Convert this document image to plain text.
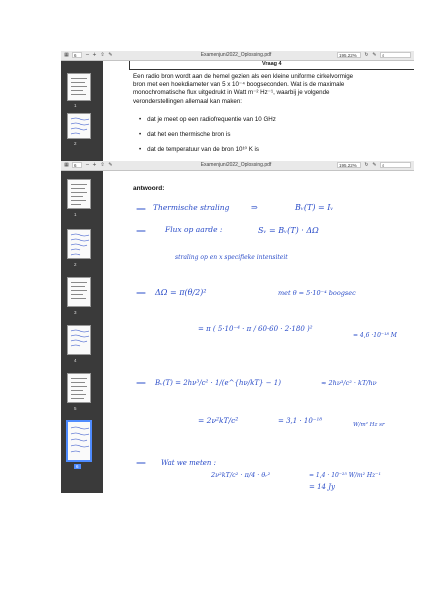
▦	6	− + ⇧ ✎	Examenjuni2022_Oplossing.pdf	195.22%	↻ ✎	⌕
1
2
Vraag 4
Een radio bron wordt aan de hemel gezien als een kleine uniforme cirkelvormige
bron met een hoekdiameter van 5 x 10⁻⁴ boogseconden. Wat is de maximale
monochromatische flux uitgedrukt in Watt m⁻² Hz⁻¹, waarbij je volgende
veronderstellingen allemaal kan maken:
• dat je meet op een radiofrequentie van 10 GHz
• dat het een thermische bron is
• dat de temperatuur van de bron 10¹⁰ K is
▦	6	− + ⇧ ✎	Examenjuni2022_Oplossing.pdf	195.22%	↻ ✎	⌕
1
2
3
4
5
6
antwoord:
Thermische straling	⇒	Bᵥ(T) = Iᵥ
Flux op aarde :	Sᵥ = Bᵥ(T) · ΔΩ
straling op en x specifieke intensiteit
ΔΩ = π(θ/2)²	met θ = 5·10⁻⁴ boogsec
= π ( 5·10⁻⁴ · π / 60·60 · 2·180 )²
= 4,6 ·10⁻¹⁸ M
Bᵥ(T) = 2hν³/c² · 1/(e^{hν/kT} − 1)	≈ 2hν³/c² · kT/hν
= 2ν²kT/c²	= 3,1 · 10⁻¹⁸	W/m² Hz sr
Wat we meten :
2ν²kT/c² · π/4 · θᵣ²	= 1,4 · 10⁻²⁵ W/m² Hz⁻¹
= 14 Jy
